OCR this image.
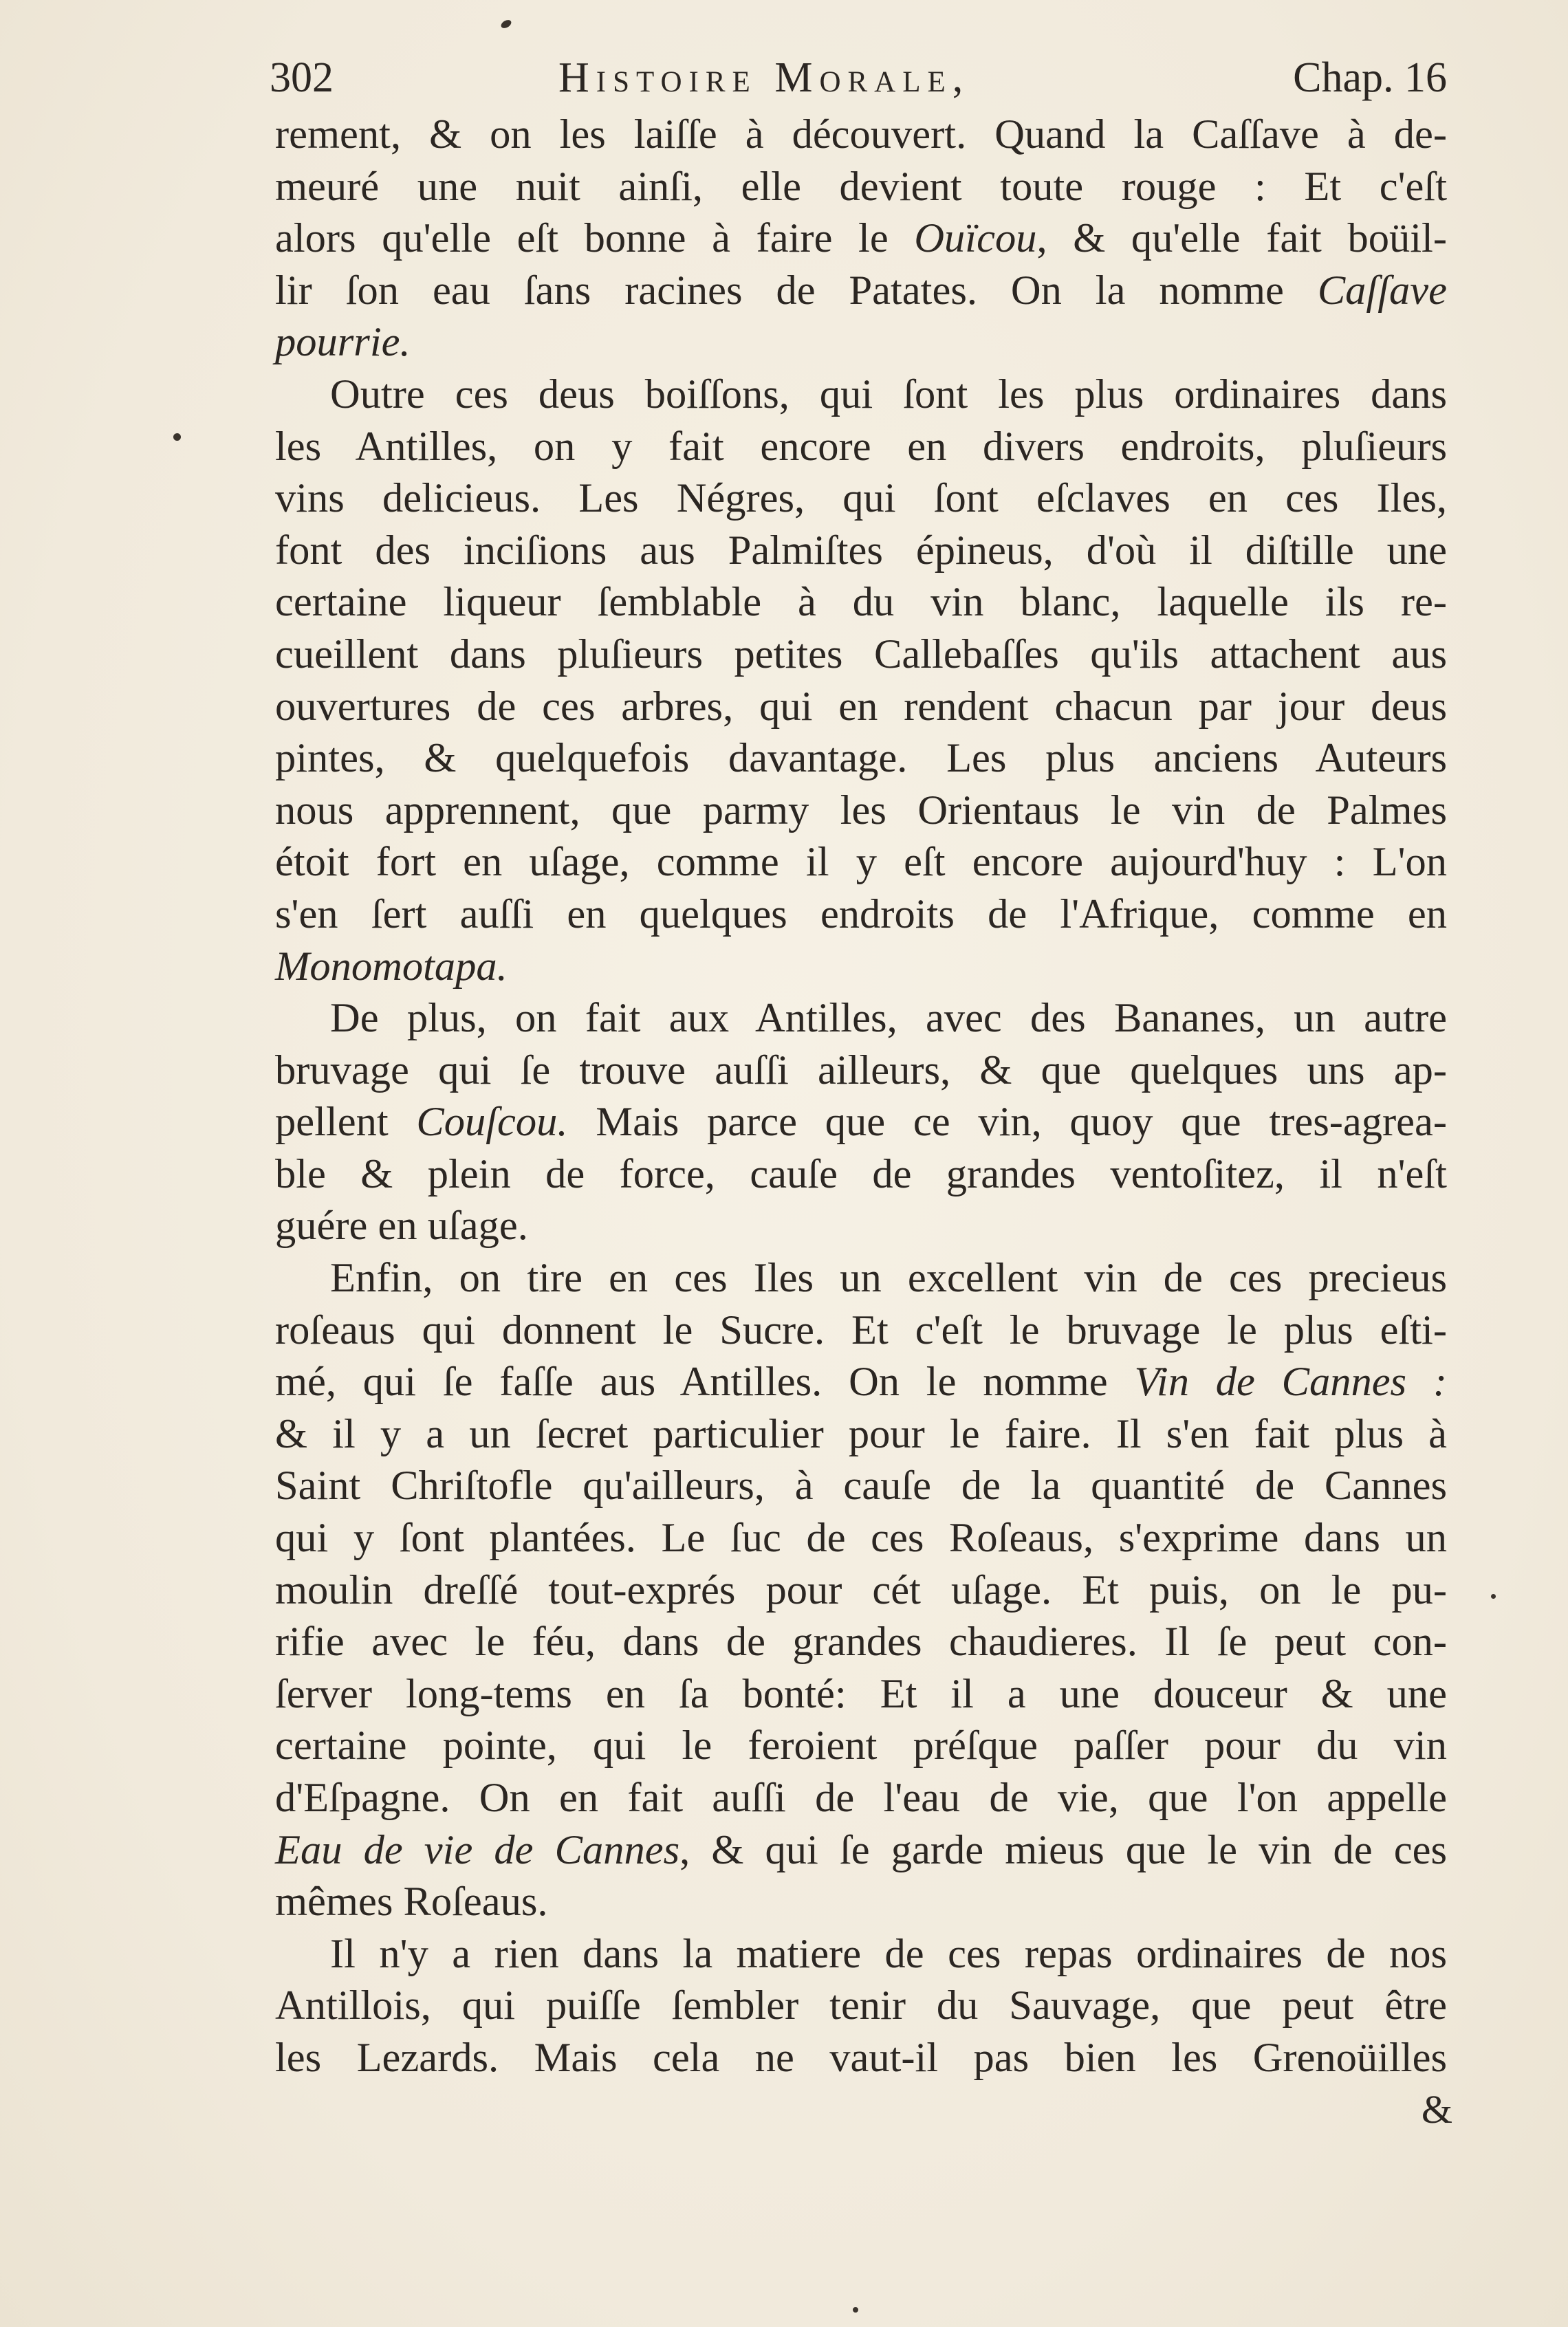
302	Histoire Morale,	Chap. 16
rement, & on les laiſſe à découvert. Quand la Caſſave à de-
meuré une nuit ainſi, elle devient toute rouge : Et c'eſt
alors qu'elle eſt bonne à faire le Ouïcou, & qu'elle fait boüil-
lir ſon eau ſans racines de Patates. On la nomme Caſſave
pourrie.
Outre ces deus boiſſons, qui ſont les plus ordinaires dans
les Antilles, on y fait encore en divers endroits, pluſieurs
vins delicieus. Les Négres, qui ſont eſclaves en ces Iles,
font des inciſions aus Palmiſtes épineus, d'où il diſtille une
certaine liqueur ſemblable à du vin blanc, laquelle ils re-
cueillent dans pluſieurs petites Callebaſſes qu'ils attachent aus
ouvertures de ces arbres, qui en rendent chacun par jour deus
pintes, & quelquefois davantage. Les plus anciens Auteurs
nous apprennent, que parmy les Orientaus le vin de Palmes
étoit fort en uſage, comme il y eſt encore aujourd'huy : L'on
s'en ſert auſſi en quelques endroits de l'Afrique, comme en
Monomotapa.
De plus, on fait aux Antilles, avec des Bananes, un autre
bruvage qui ſe trouve auſſi ailleurs, & que quelques uns ap-
pellent Couſcou. Mais parce que ce vin, quoy que tres-agrea-
ble & plein de force, cauſe de grandes ventoſitez, il n'eſt
guére en uſage.
Enfin, on tire en ces Iles un excellent vin de ces precieus
roſeaus qui donnent le Sucre. Et c'eſt le bruvage le plus eſti-
mé, qui ſe faſſe aus Antilles. On le nomme Vin de Cannes :
& il y a un ſecret particulier pour le faire. Il s'en fait plus à
Saint Chriſtofle qu'ailleurs, à cauſe de la quantité de Cannes
qui y ſont plantées. Le ſuc de ces Roſeaus, s'exprime dans un
moulin dreſſé tout-exprés pour cét uſage. Et puis, on le pu-
rifie avec le féu, dans de grandes chaudieres. Il ſe peut con-
ſerver long-tems en ſa bonté: Et il a une douceur & une
certaine pointe, qui le feroient préſque paſſer pour du vin
d'Eſpagne. On en fait auſſi de l'eau de vie, que l'on appelle
Eau de vie de Cannes, & qui ſe garde mieus que le vin de ces
mêmes Roſeaus.
Il n'y a rien dans la matiere de ces repas ordinaires de nos
Antillois, qui puiſſe ſembler tenir du Sauvage, que peut être
les Lezards. Mais cela ne vaut-il pas bien les Grenoüilles
&
